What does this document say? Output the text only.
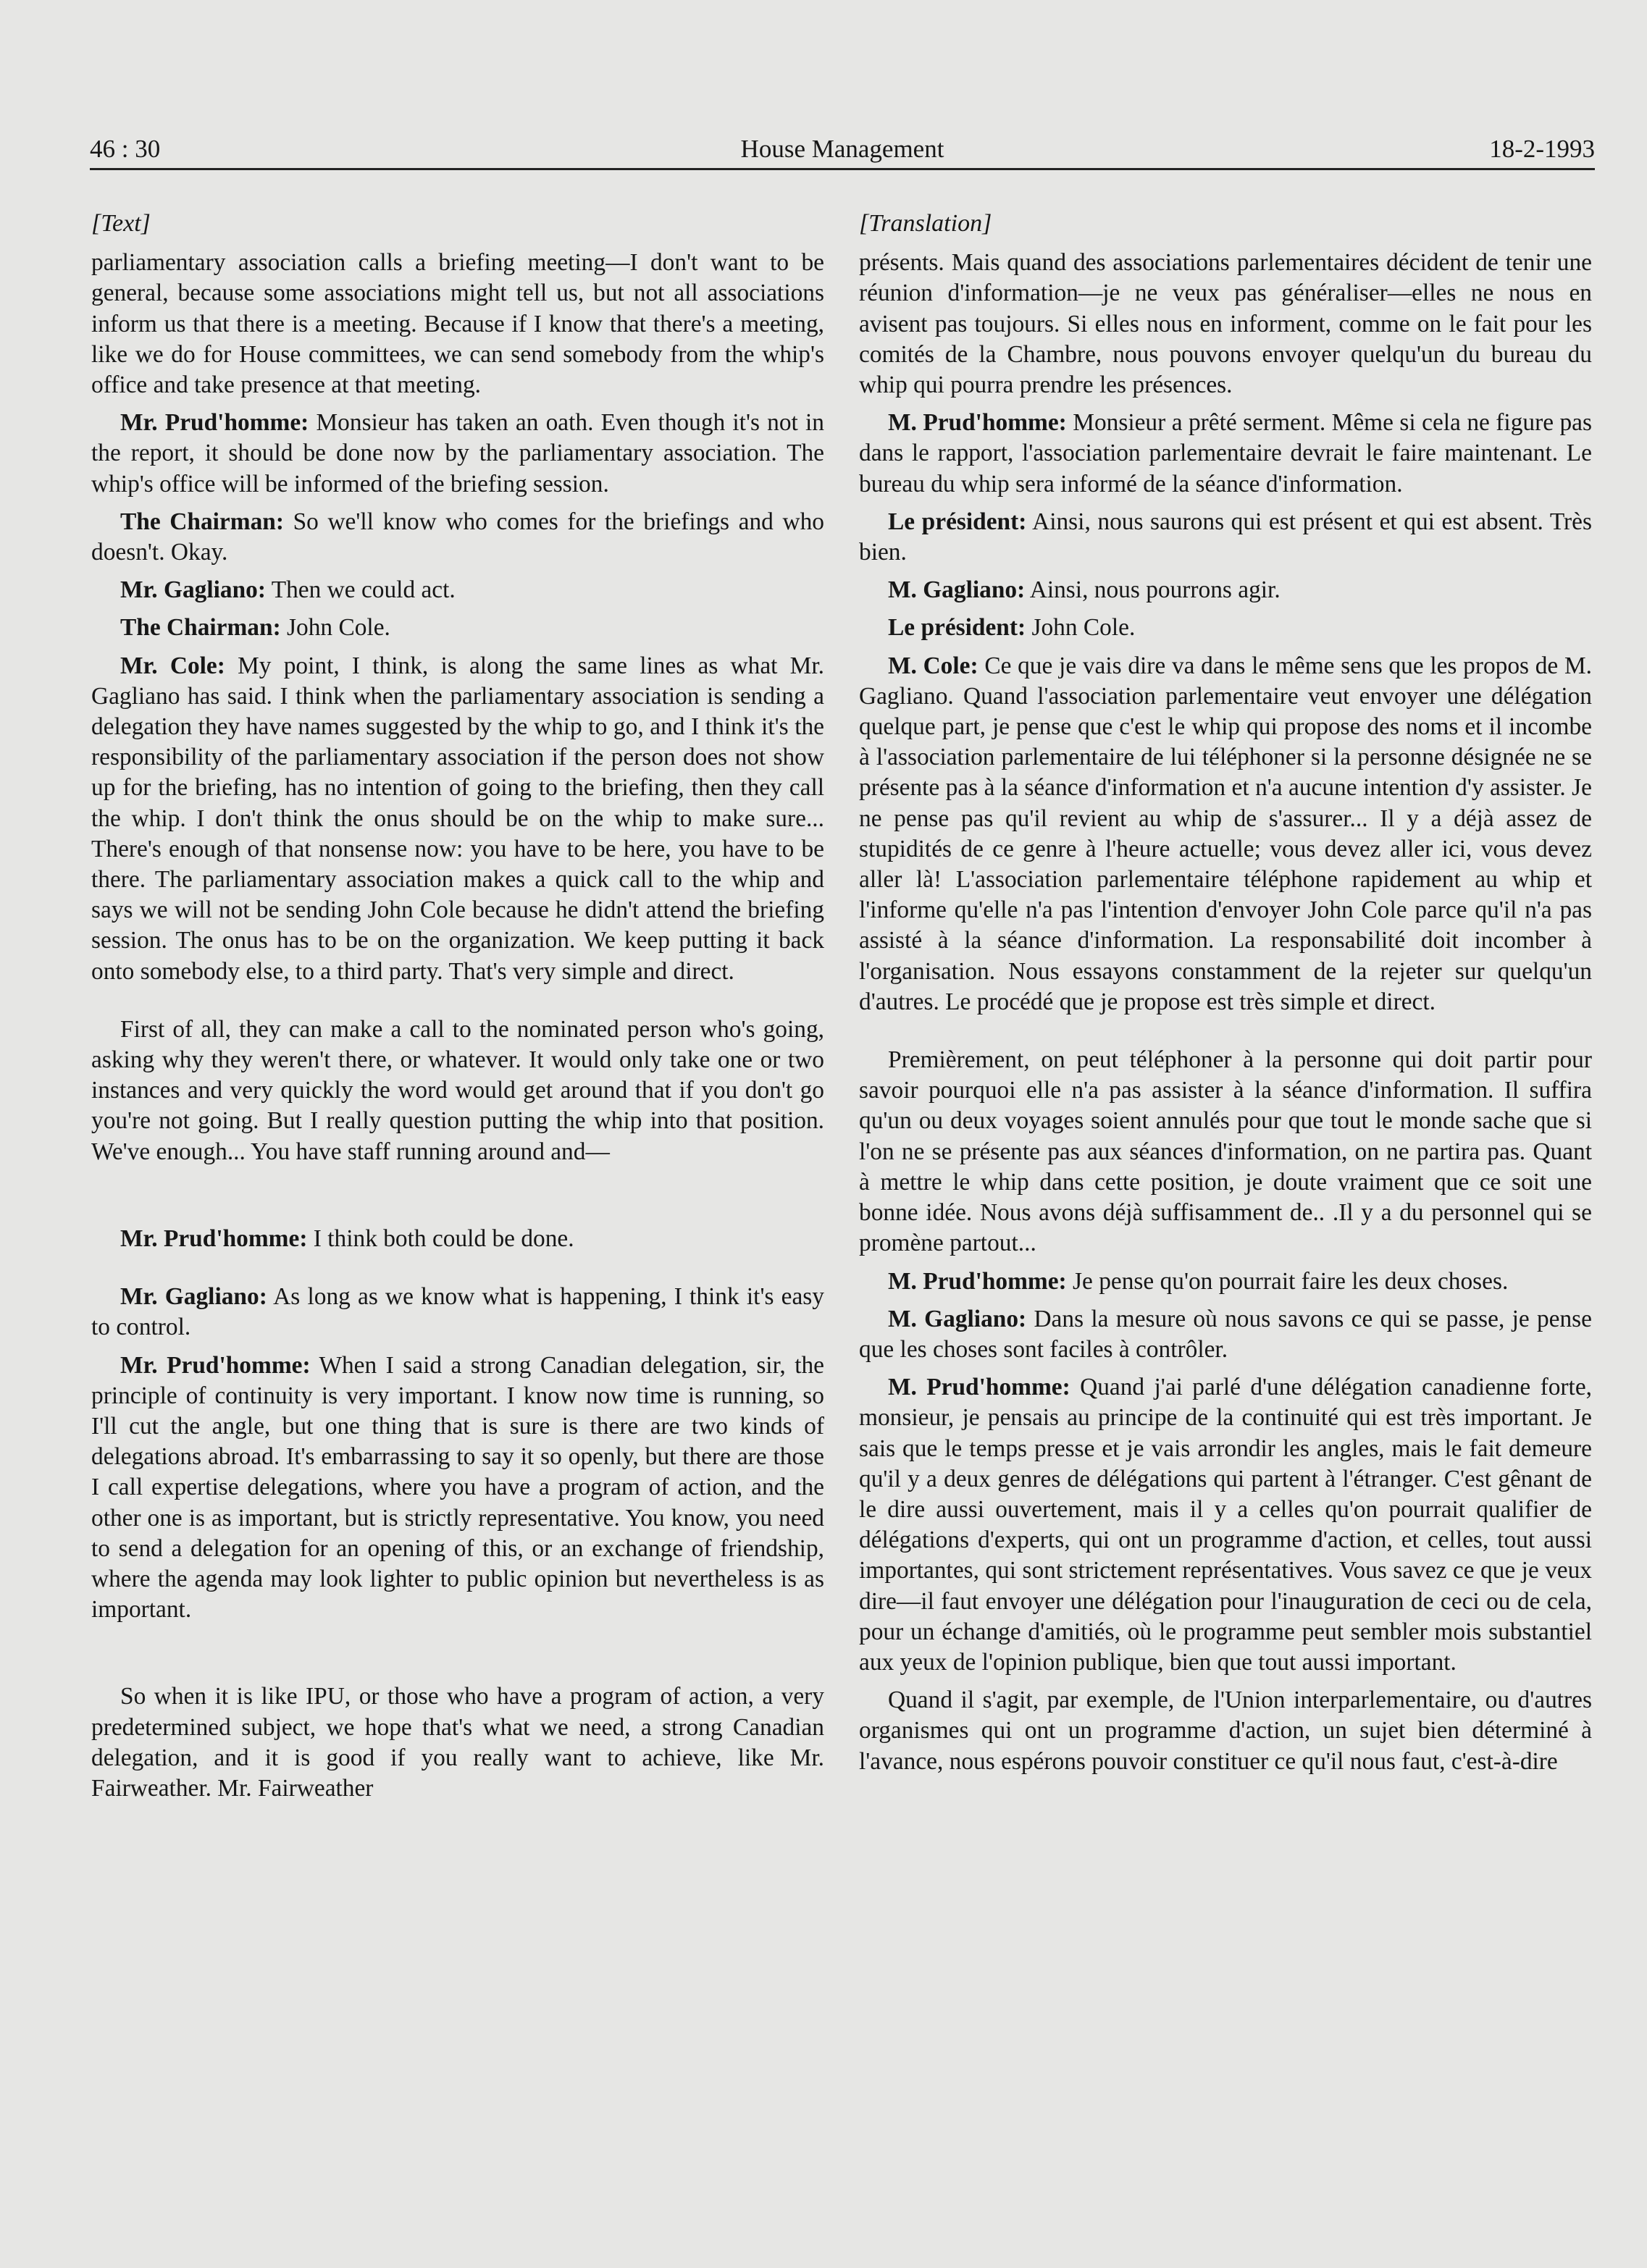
46 : 30	House Management	18-2-1993
[Text]

parliamentary association calls a briefing meeting—I don't want to be general, because some associations might tell us, but not all associations inform us that there is a meeting. Because if I know that there's a meeting, like we do for House committees, we can send somebody from the whip's office and take presence at that meeting.

Mr. Prud'homme: Monsieur has taken an oath. Even though it's not in the report, it should be done now by the parliamentary association. The whip's office will be informed of the briefing session.

The Chairman: So we'll know who comes for the briefings and who doesn't. Okay.

Mr. Gagliano: Then we could act.

The Chairman: John Cole.

Mr. Cole: My point, I think, is along the same lines as what Mr. Gagliano has said. I think when the parliamentary association is sending a delegation they have names suggested by the whip to go, and I think it's the responsibility of the parliamentary association if the person does not show up for the briefing, has no intention of going to the briefing, then they call the whip. I don't think the onus should be on the whip to make sure... There's enough of that nonsense now: you have to be here, you have to be there. The parliamentary association makes a quick call to the whip and says we will not be sending John Cole because he didn't attend the briefing session. The onus has to be on the organization. We keep putting it back onto somebody else, to a third party. That's very simple and direct.

First of all, they can make a call to the nominated person who's going, asking why they weren't there, or whatever. It would only take one or two instances and very quickly the word would get around that if you don't go you're not going. But I really question putting the whip into that position. We've enough... You have staff running around and—

Mr. Prud'homme: I think both could be done.

Mr. Gagliano: As long as we know what is happening, I think it's easy to control.

Mr. Prud'homme: When I said a strong Canadian delegation, sir, the principle of continuity is very important. I know now time is running, so I'll cut the angle, but one thing that is sure is there are two kinds of delegations abroad. It's embarrassing to say it so openly, but there are those I call expertise delegations, where you have a program of action, and the other one is as important, but is strictly representative. You know, you need to send a delegation for an opening of this, or an exchange of friendship, where the agenda may look lighter to public opinion but nevertheless is as important.

So when it is like IPU, or those who have a program of action, a very predetermined subject, we hope that's what we need, a strong Canadian delegation, and it is good if you really want to achieve, like Mr. Fairweather. Mr. Fairweather

[Translation]

présents. Mais quand des associations parlementaires décident de tenir une réunion d'information—je ne veux pas généraliser—elles ne nous en avisent pas toujours. Si elles nous en informent, comme on le fait pour les comités de la Chambre, nous pouvons envoyer quelqu'un du bureau du whip qui pourra prendre les présences.

M. Prud'homme: Monsieur a prêté serment. Même si cela ne figure pas dans le rapport, l'association parlementaire devrait le faire maintenant. Le bureau du whip sera informé de la séance d'information.

Le président: Ainsi, nous saurons qui est présent et qui est absent. Très bien.

M. Gagliano: Ainsi, nous pourrons agir.

Le président: John Cole.

M. Cole: Ce que je vais dire va dans le même sens que les propos de M. Gagliano. Quand l'association parlementaire veut envoyer une délégation quelque part, je pense que c'est le whip qui propose des noms et il incombe à l'association parlementaire de lui téléphoner si la personne désignée ne se présente pas à la séance d'information et n'a aucune intention d'y assister. Je ne pense pas qu'il revient au whip de s'assurer... Il y a déjà assez de stupidités de ce genre à l'heure actuelle; vous devez aller ici, vous devez aller là! L'association parlementaire téléphone rapidement au whip et l'informe qu'elle n'a pas l'intention d'envoyer John Cole parce qu'il n'a pas assisté à la séance d'information. La responsabilité doit incomber à l'organisation. Nous essayons constamment de la rejeter sur quelqu'un d'autres. Le procédé que je propose est très simple et direct.

Premièrement, on peut téléphoner à la personne qui doit partir pour savoir pourquoi elle n'a pas assister à la séance d'information. Il suffira qu'un ou deux voyages soient annulés pour que tout le monde sache que si l'on ne se présente pas aux séances d'information, on ne partira pas. Quant à mettre le whip dans cette position, je doute vraiment que ce soit une bonne idée. Nous avons déjà suffisamment de.. .Il y a du personnel qui se promène partout...

M. Prud'homme: Je pense qu'on pourrait faire les deux choses.

M. Gagliano: Dans la mesure où nous savons ce qui se passe, je pense que les choses sont faciles à contrôler.

M. Prud'homme: Quand j'ai parlé d'une délégation canadienne forte, monsieur, je pensais au principe de la continuité qui est très important. Je sais que le temps presse et je vais arrondir les angles, mais le fait demeure qu'il y a deux genres de délégations qui partent à l'étranger. C'est gênant de le dire aussi ouvertement, mais il y a celles qu'on pourrait qualifier de délégations d'experts, qui ont un programme d'action, et celles, tout aussi importantes, qui sont strictement représentatives. Vous savez ce que je veux dire—il faut envoyer une délégation pour l'inauguration de ceci ou de cela, pour un échange d'amitiés, où le programme peut sembler mois substantiel aux yeux de l'opinion publique, bien que tout aussi important.

Quand il s'agit, par exemple, de l'Union interparlementaire, ou d'autres organismes qui ont un programme d'action, un sujet bien déterminé à l'avance, nous espérons pouvoir constituer ce qu'il nous faut, c'est-à-dire
